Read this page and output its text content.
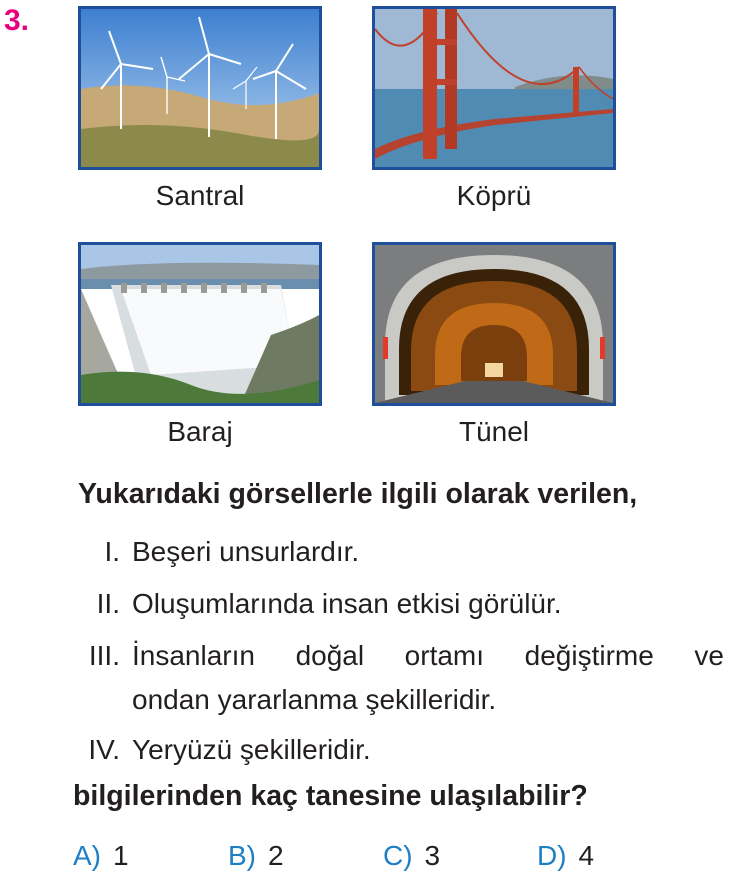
3.
Santral	Köprü
Baraj	Tünel
Yukarıdaki görsellerle ilgili olarak verilen,
I. Beşeri unsurlardır.
II. Oluşumlarında insan etkisi görülür.
III. İnsanların doğal ortamı değiştirme ve
ondan yararlanma şekilleridir.
IV. Yeryüzü şekilleridir.
bilgilerinden kaç tanesine ulaşılabilir?
A) 1	B) 2	C) 3	D) 4
